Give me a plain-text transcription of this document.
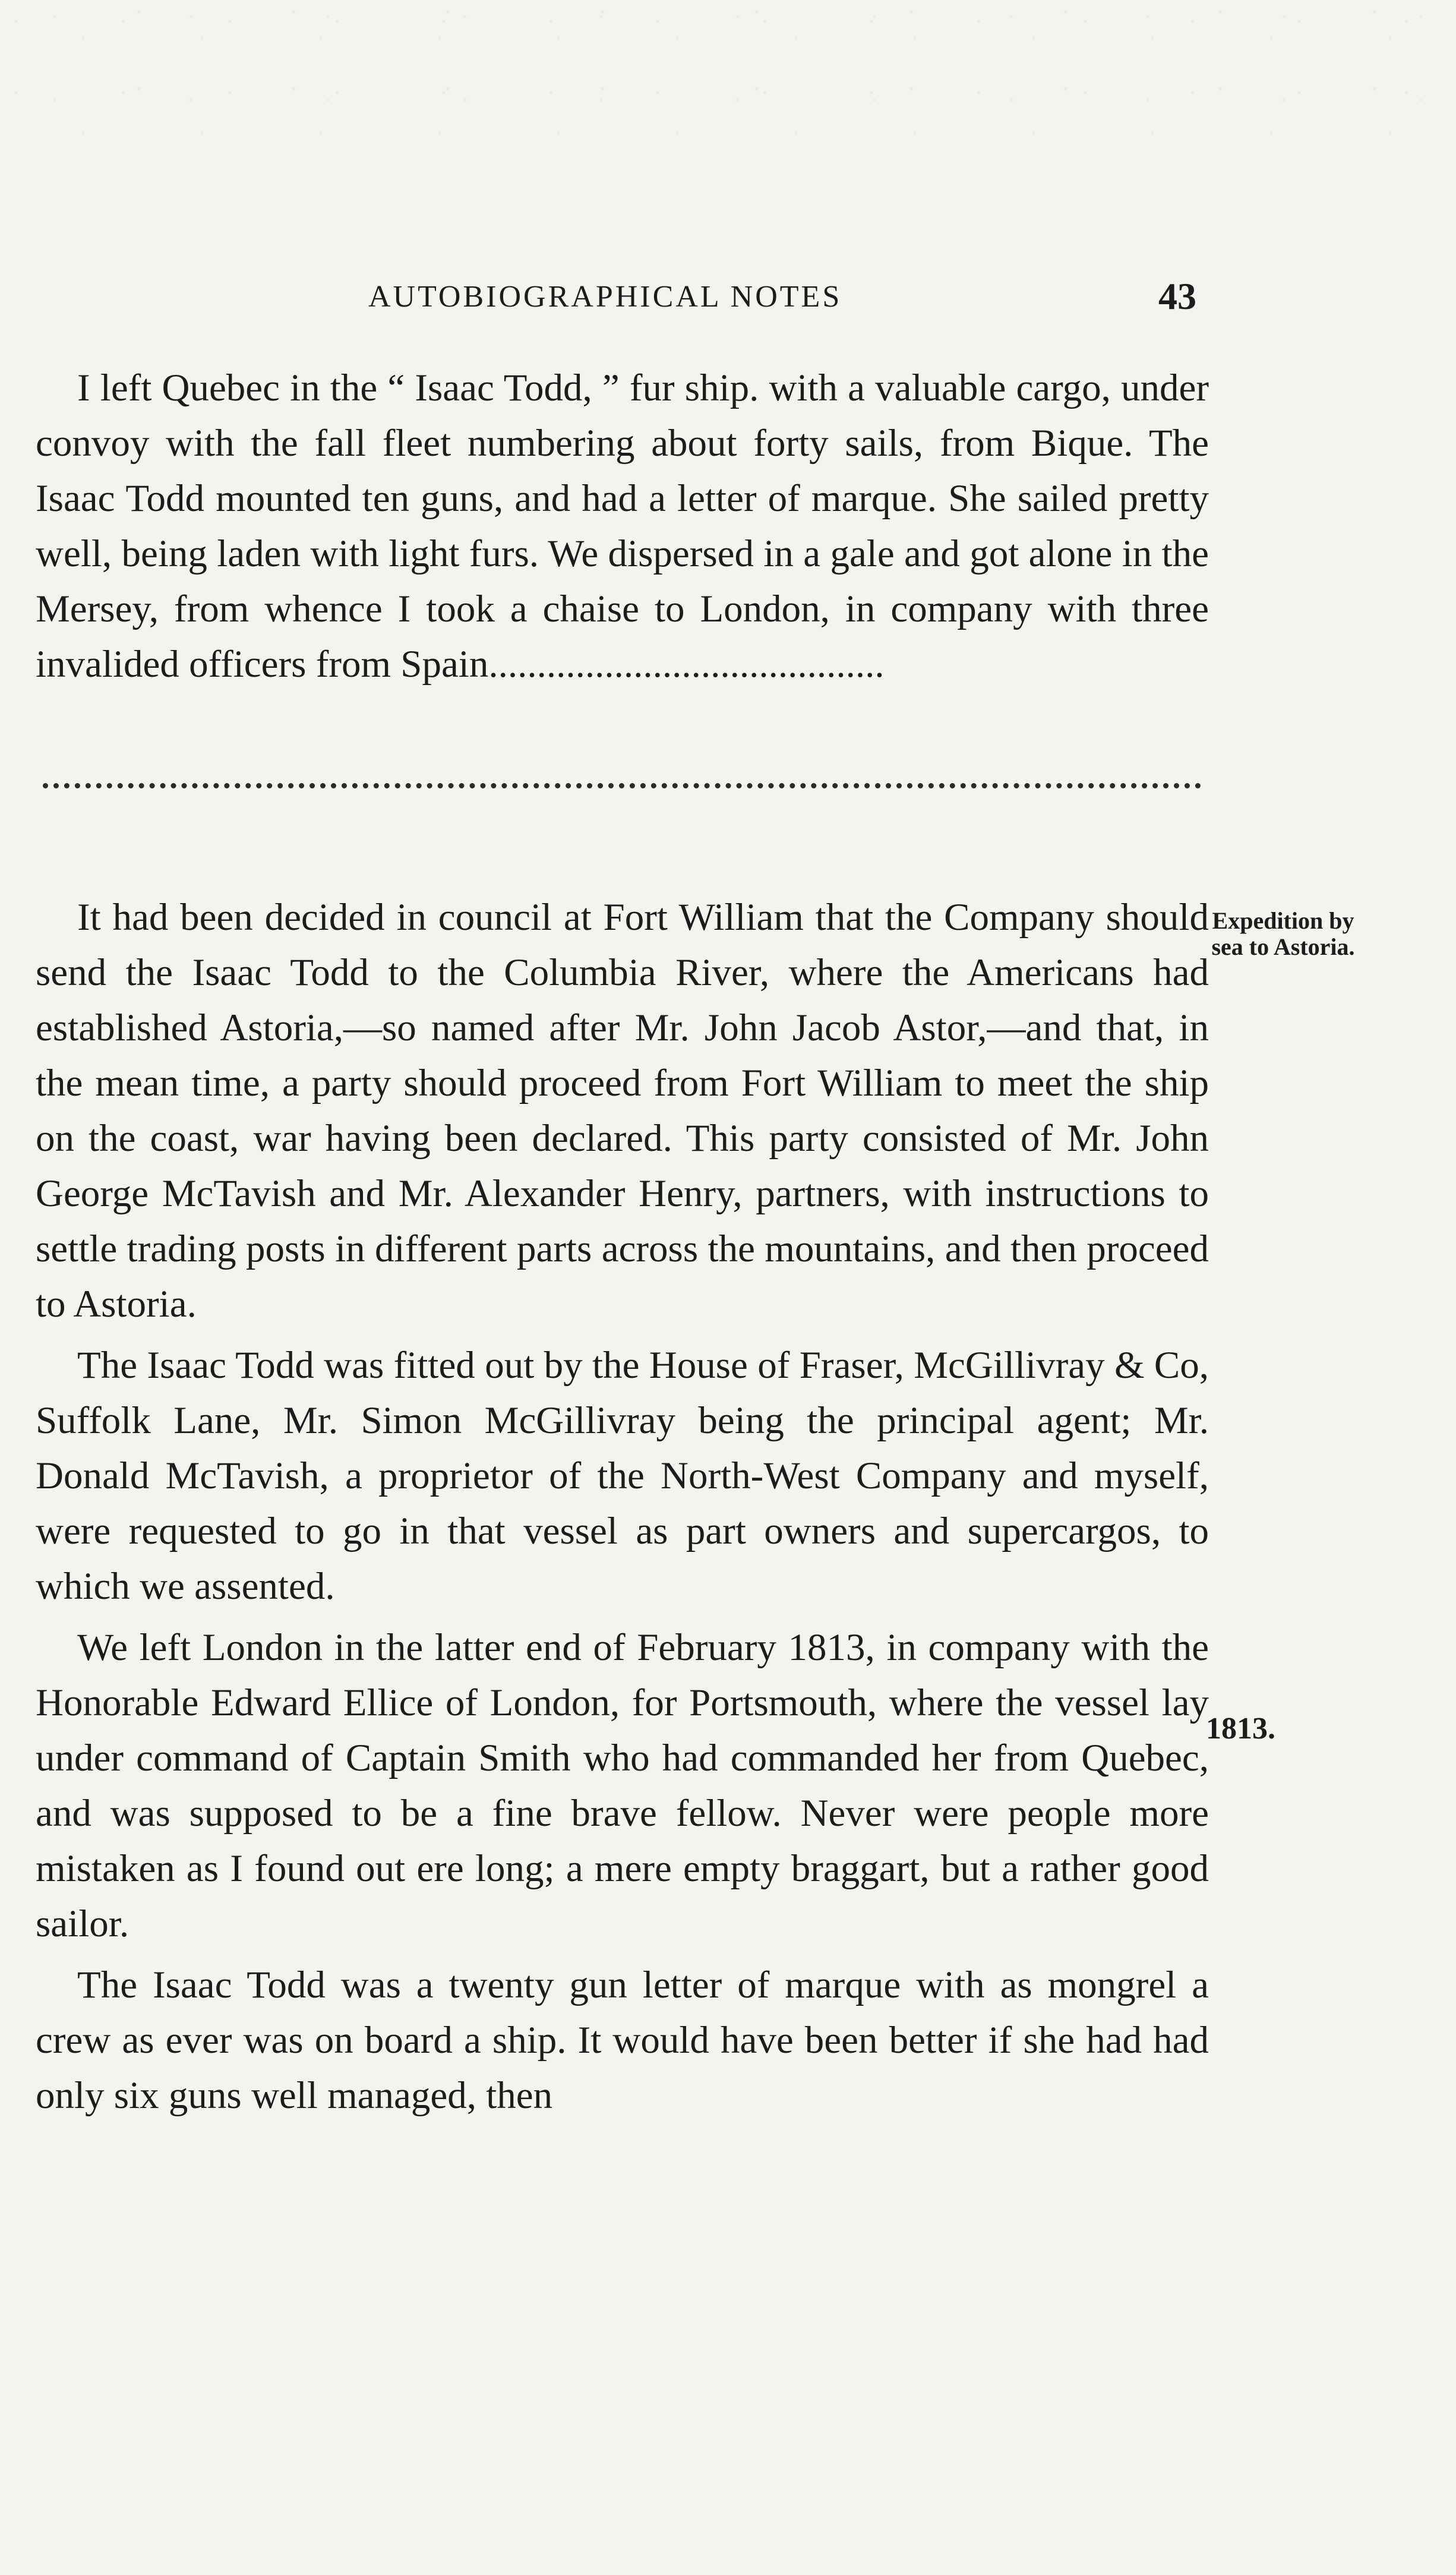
AUTOBIOGRAPHICAL NOTES	43

I left Quebec in the “ Isaac Todd, ” fur ship. with a valuable cargo, under convoy with the fall fleet numbering about forty sails, from Bique. The Isaac Todd mounted ten guns, and had a letter of marque. She sailed pretty well, being laden with light furs. We dispersed in a gale and got alone in the Mersey, from whence I took a chaise to London, in company with three invalided officers from Spain.........................................

It had been decided in council at Fort William that the Company should send the Isaac Todd to the Columbia River, where the Americans had established Astoria,—so named after Mr. John Jacob Astor,—and that, in the mean time, a party should proceed from Fort William to meet the ship on the coast, war having been declared. This party consisted of Mr. John George McTavish and Mr. Alexander Henry, partners, with instructions to settle trading posts in different parts across the mountains, and then proceed to Astoria.

The Isaac Todd was fitted out by the House of Fraser, McGillivray & Co, Suffolk Lane, Mr. Simon McGillivray being the principal agent; Mr. Donald McTavish, a proprietor of the North-West Company and myself, were requested to go in that vessel as part owners and supercargos, to which we assented.

We left London in the latter end of February 1813, in company with the Honorable Edward Ellice of London, for Portsmouth, where the vessel lay under command of Captain Smith who had commanded her from Quebec, and was supposed to be a fine brave fellow. Never were people more mistaken as I found out ere long; a mere empty braggart, but a rather good sailor.

The Isaac Todd was a twenty gun letter of marque with as mongrel a crew as ever was on board a ship. It would have been better if she had had only six guns well managed, then

Expedition by sea to Astoria.
1813.
